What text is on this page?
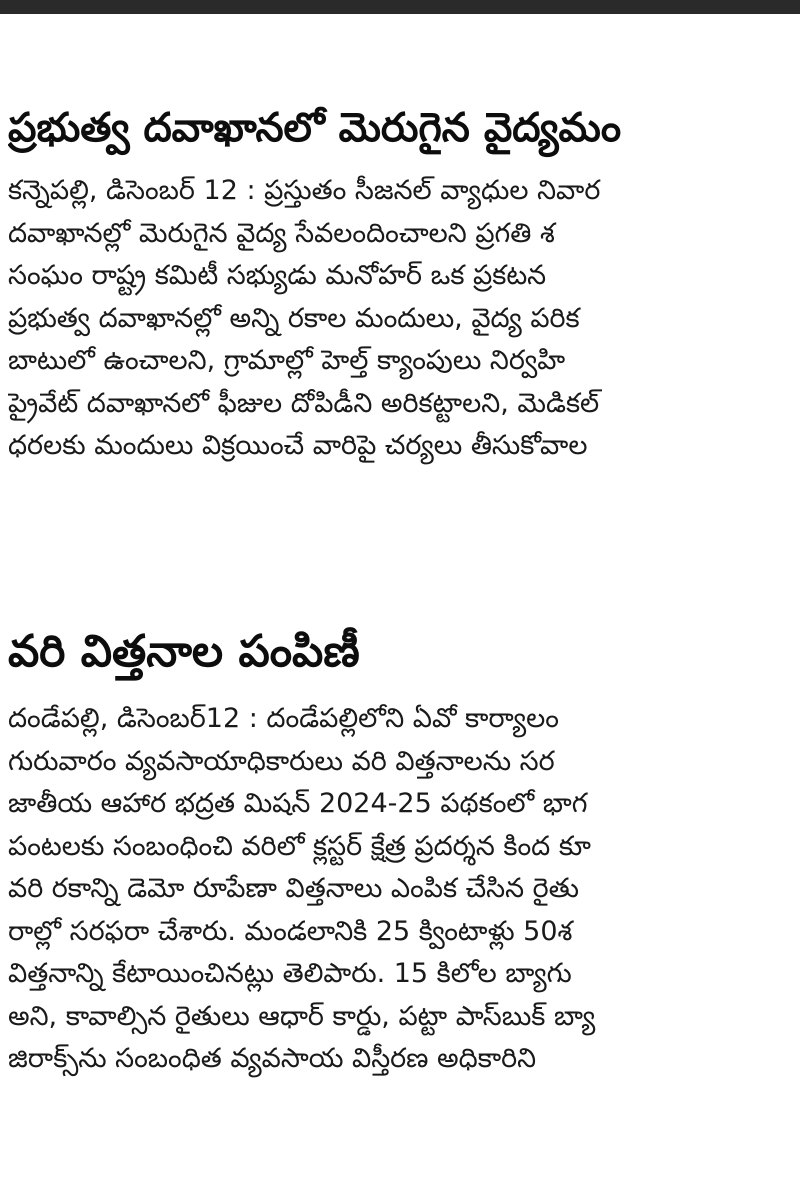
ప్రభుత్వ దవాఖానలో మెరుగైన వైద్యమం
కన్నెపల్లి, డిసెంబర్ 12 : ప్రస్తుతం సీజనల్ వ్యాధుల నివార
దవాఖానల్లో మెరుగైన వైద్య సేవలందించాలని ప్రగతి శ
సంఘం రాష్ట్ర కమిటీ సభ్యుడు మనోహర్ ఒక ప్రకటన
ప్రభుత్వ దవాఖానల్లో అన్ని రకాల మందులు, వైద్య పరిక
బాటులో ఉంచాలని, గ్రామాల్లో హెల్త్ క్యాంపులు నిర్వహి
ప్రైవేట్ దవాఖానలో ఫీజుల దోపిడీని అరికట్టాలని, మెడికల్
ధరలకు మందులు విక్రయించే వారిపై చర్యలు తీసుకోవాల
వరి విత్తనాల పంపిణీ
దండేపల్లి, డిసెంబర్12 : దండేపల్లిలోని ఏవో కార్యాలం
గురువారం వ్యవసాయాధికారులు వరి విత్తనాలను సర
జాతీయ ఆహార భద్రత మిషన్ 2024-25 పథకంలో భాగ
పంటలకు సంబంధించి వరిలో క్లస్టర్ క్షేత్ర ప్రదర్శన కింద కూ
వరి రకాన్ని డెమో రూపేణా విత్తనాలు ఎంపిక చేసిన రైతు
రాల్లో సరఫరా చేశారు. మండలానికి 25 క్వింటాళ్లు 50శ
విత్తనాన్ని కేటాయించినట్లు తెలిపారు. 15 కిలోల బ్యాగు
అని, కావాల్సిన రైతులు ఆధార్ కార్డు, పట్టా పాస్‌బుక్ బ్యా
జిరాక్స్‌ను సంబంధిత వ్యవసాయ విస్తీరణ అధికారిని
